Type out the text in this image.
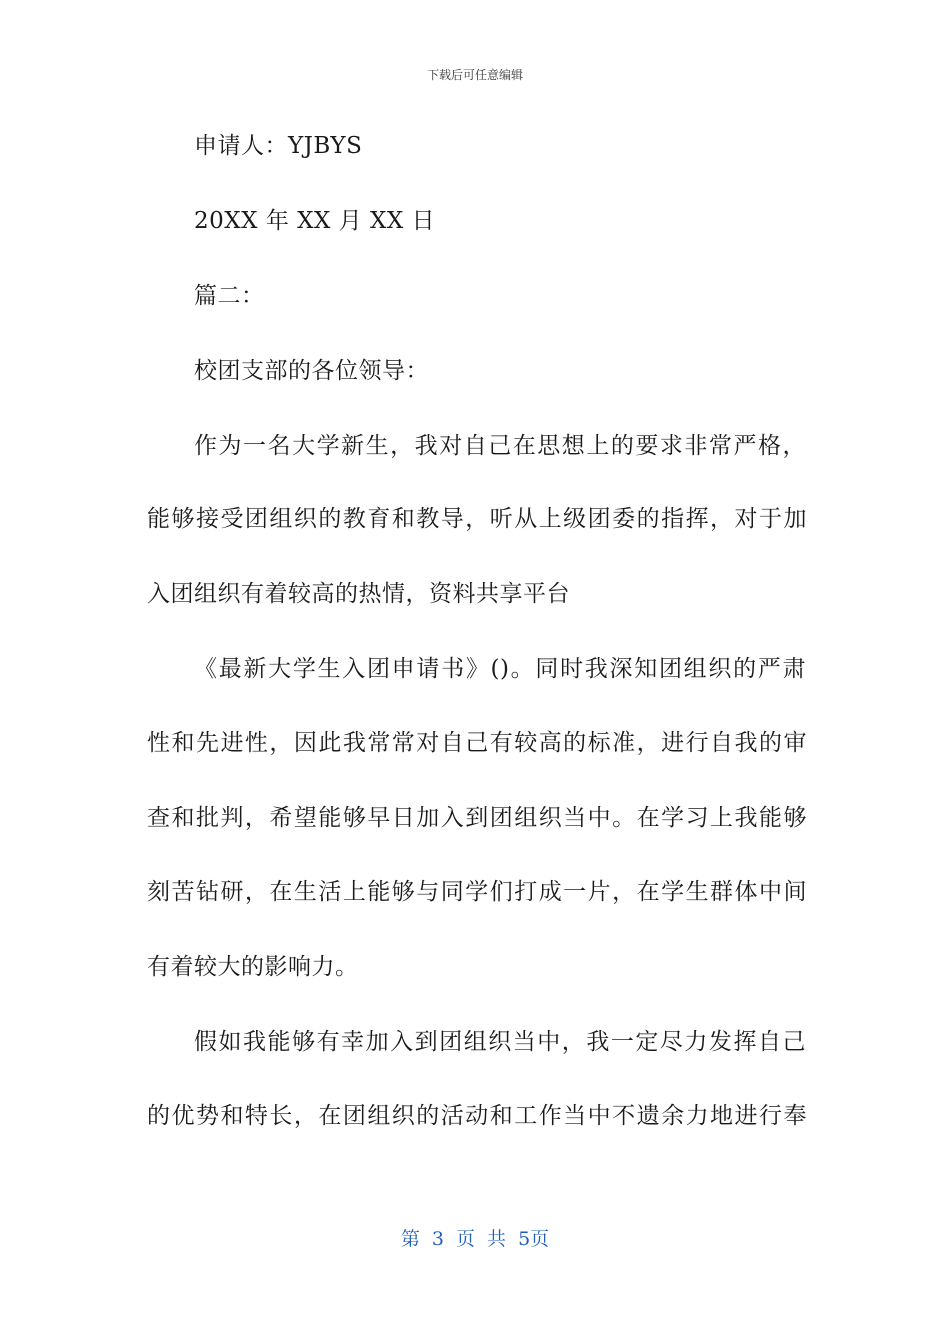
下载后可任意编辑
申请人：YJBYS
20XX 年 XX 月 XX 日
篇二：
校团支部的各位领导：
作为一名大学新生，我对自己在思想上的要求非常严格，
能够接受团组织的教育和教导，听从上级团委的指挥，对于加
入团组织有着较高的热情，资料共享平台
《最新大学生入团申请书》()。同时我深知团组织的严肃
性和先进性，因此我常常对自己有较高的标准，进行自我的审
查和批判，希望能够早日加入到团组织当中。在学习上我能够
刻苦钻研，在生活上能够与同学们打成一片，在学生群体中间
有着较大的影响力。
假如我能够有幸加入到团组织当中，我一定尽力发挥自己
的优势和特长，在团组织的活动和工作当中不遗余力地进行奉
第 3 页 共 5页
